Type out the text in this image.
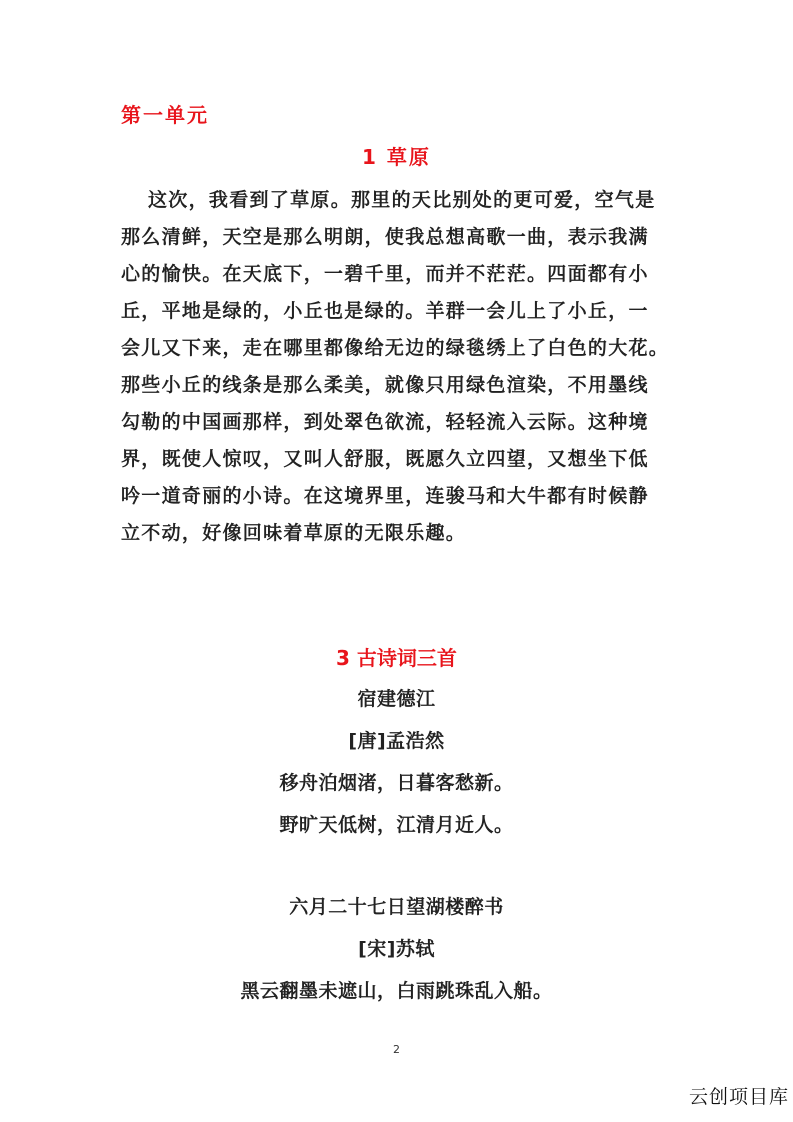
第一单元
1 草原
这次，我看到了草原。那里的天比别处的更可爱，空气是
那么清鲜，天空是那么明朗，使我总想高歌一曲，表示我满
心的愉快。在天底下，一碧千里，而并不茫茫。四面都有小
丘，平地是绿的，小丘也是绿的。羊群一会儿上了小丘，一
会儿又下来，走在哪里都像给无边的绿毯绣上了白色的大花。
那些小丘的线条是那么柔美，就像只用绿色渲染，不用墨线
勾勒的中国画那样，到处翠色欲流，轻轻流入云际。这种境
界，既使人惊叹，又叫人舒服，既愿久立四望，又想坐下低
吟一道奇丽的小诗。在这境界里，连骏马和大牛都有时候静
立不动，好像回味着草原的无限乐趣。
3 古诗词三首
宿建德江
[唐]孟浩然
移舟泊烟渚，日暮客愁新。
野旷天低树，江清月近人。
六月二十七日望湖楼醉书
[宋]苏轼
黑云翻墨未遮山，白雨跳珠乱入船。
2
云创项目库
